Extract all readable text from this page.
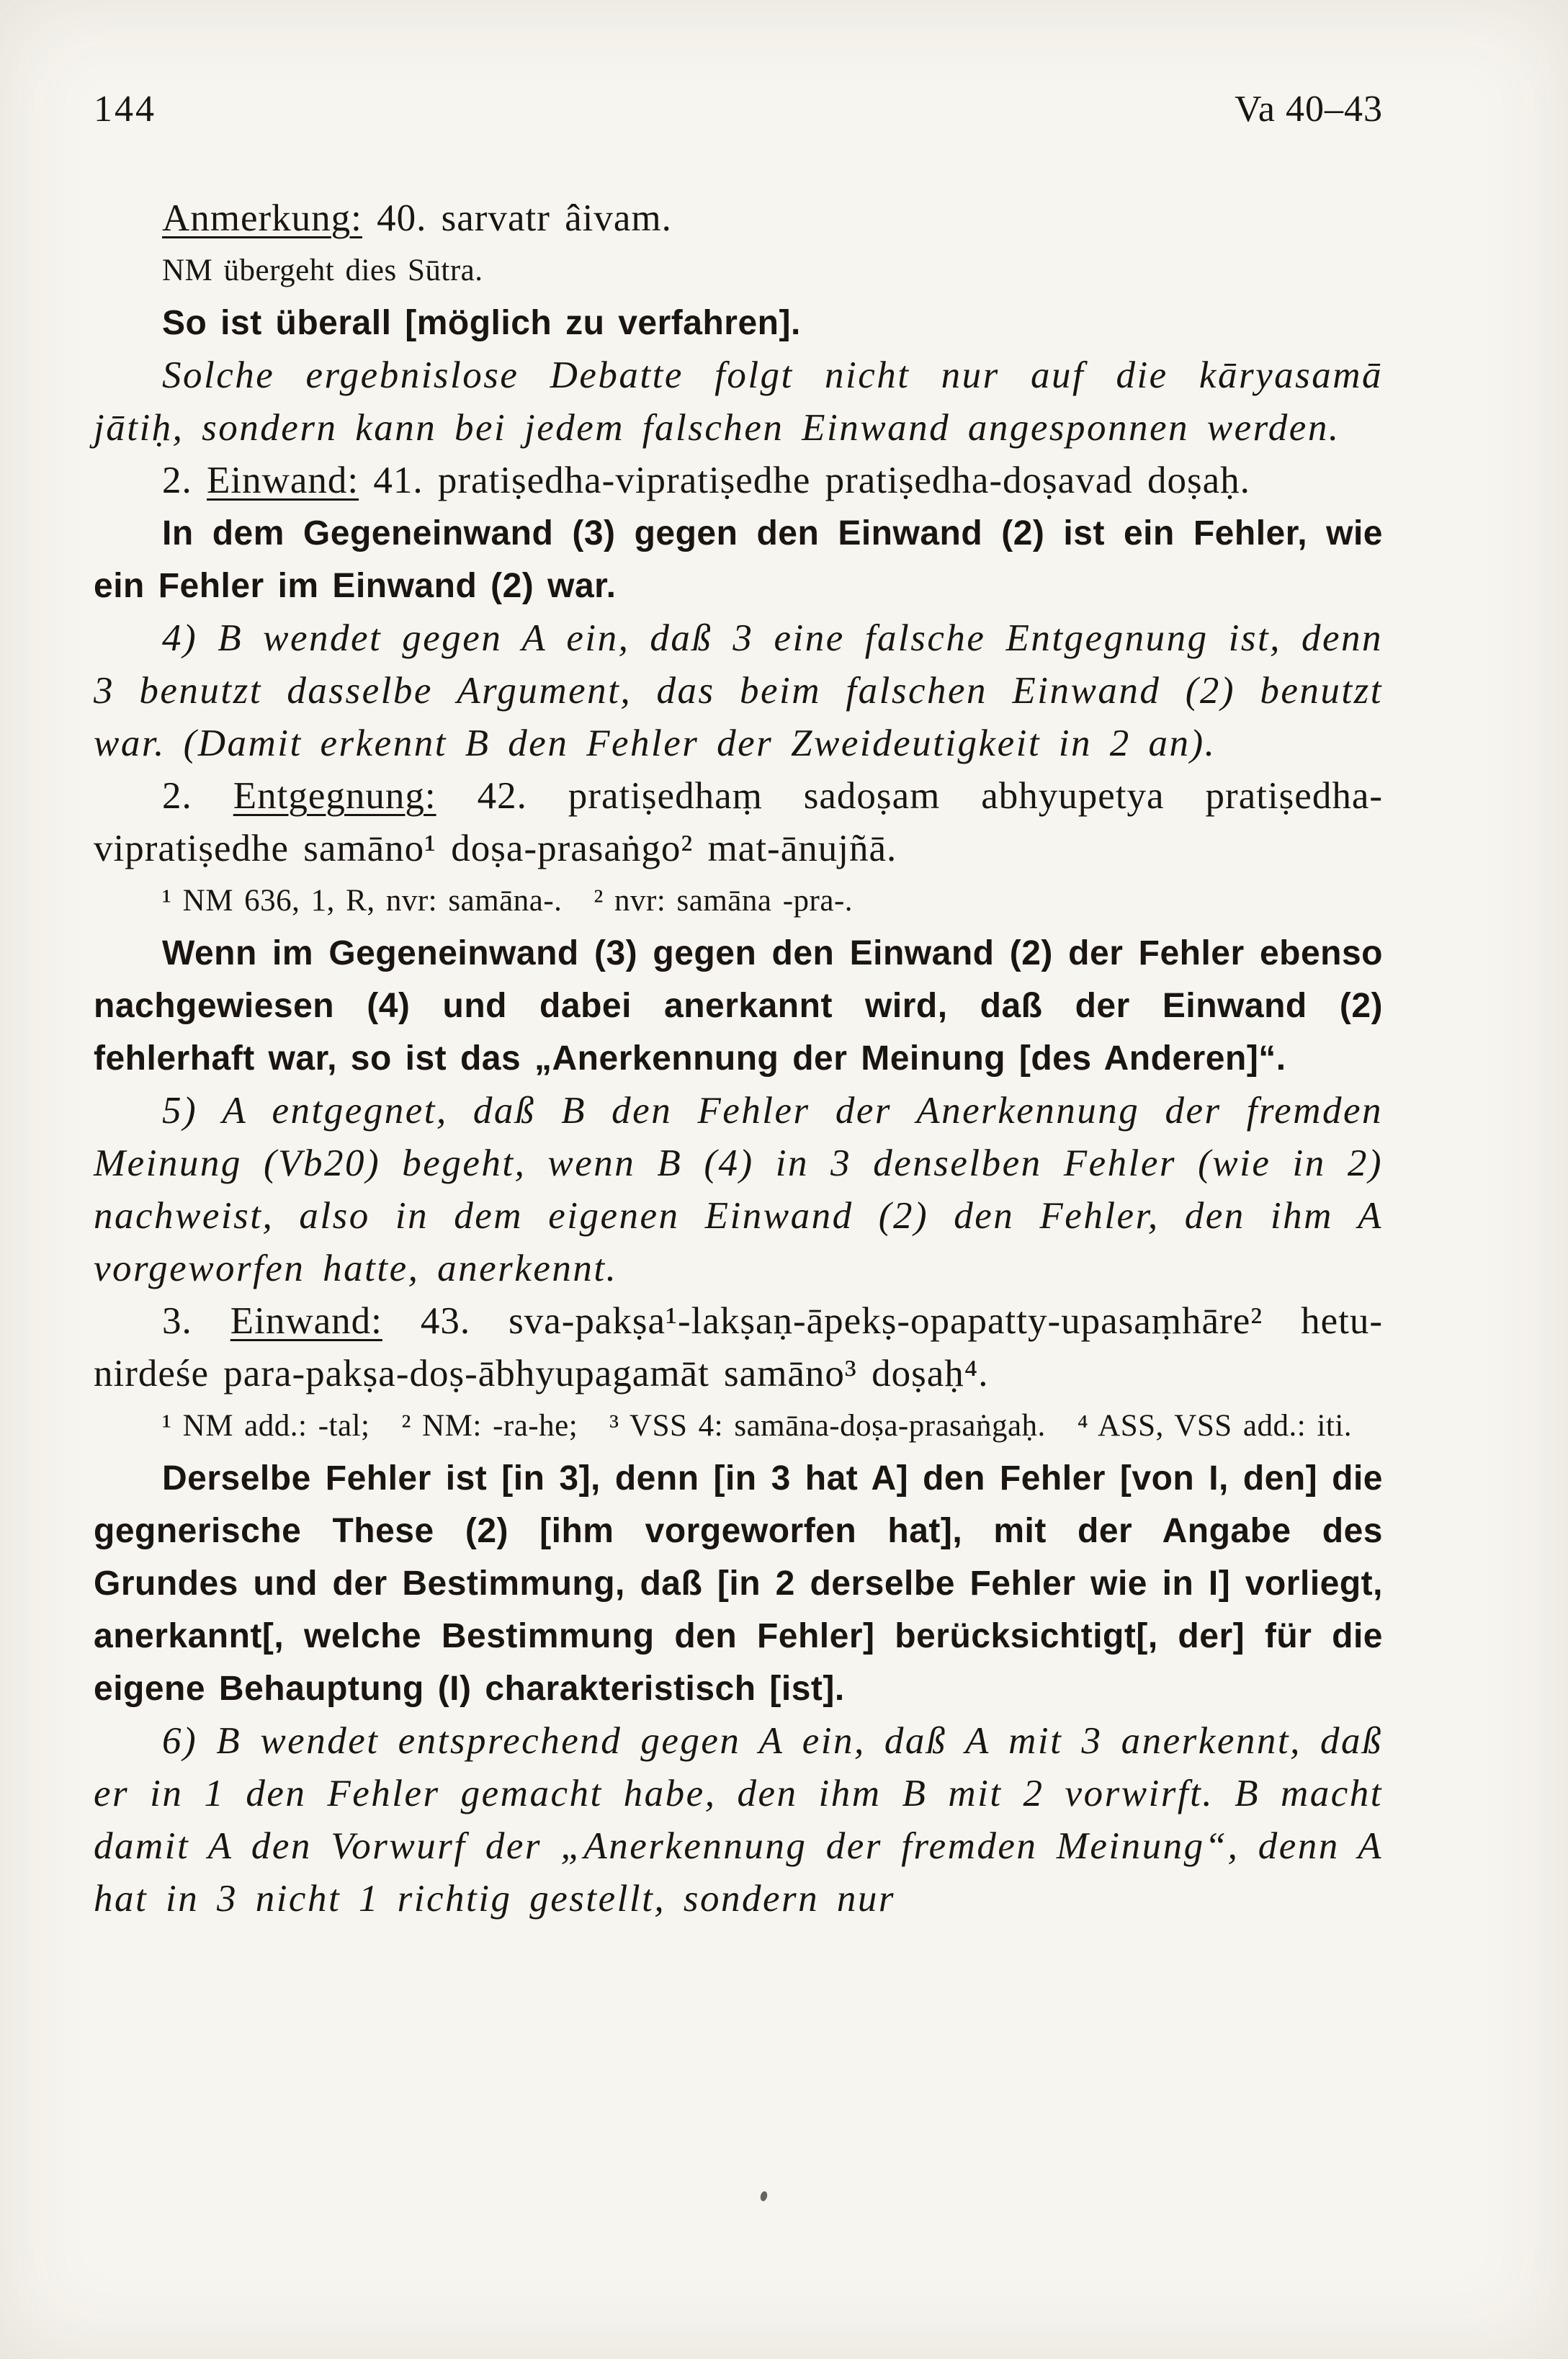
144	Va 40–43

Anmerkung: 40. sarvatr âivam.

NM übergeht dies Sūtra.

So ist überall [möglich zu verfahren].

Solche ergebnislose Debatte folgt nicht nur auf die kāryasamā jātiḥ, sondern kann bei jedem falschen Einwand angesponnen werden.

2. Einwand: 41. pratiṣedha-vipratiṣedhe pratiṣedha-doṣavad doṣaḥ.

In dem Gegeneinwand (3) gegen den Einwand (2) ist ein Fehler, wie ein Fehler im Einwand (2) war.

4) B wendet gegen A ein, daß 3 eine falsche Entgegnung ist, denn 3 benutzt dasselbe Argument, das beim falschen Einwand (2) benutzt war. (Damit erkennt B den Fehler der Zweideutigkeit in 2 an).

2. Entgegnung: 42. pratiṣedhaṃ sadoṣam abhyupetya pratiṣedha-vipratiṣedhe samāno¹ doṣa-prasaṅgo² mat-ānujñā.

¹ NM 636, 1, R, nvr: samāna-.  ² nvr: samāna -pra-.

Wenn im Gegeneinwand (3) gegen den Einwand (2) der Fehler ebenso nachgewiesen (4) und dabei anerkannt wird, daß der Einwand (2) fehlerhaft war, so ist das „Anerkennung der Meinung [des Anderen]“.

5) A entgegnet, daß B den Fehler der Anerkennung der fremden Meinung (Vb20) begeht, wenn B (4) in 3 denselben Fehler (wie in 2) nachweist, also in dem eigenen Einwand (2) den Fehler, den ihm A vorgeworfen hatte, anerkennt.

3. Einwand: 43. sva-pakṣa¹-lakṣaṇ-āpekṣ-opapatty-upasaṃhāre² hetu-nirdeśe para-pakṣa-doṣ-ābhyupagamāt samāno³ doṣaḥ⁴.

¹ NM add.: -tal;  ² NM: -ra-he;  ³ VSS 4: samāna-doṣa-prasaṅgaḥ.  ⁴ ASS, VSS add.: iti.

Derselbe Fehler ist [in 3], denn [in 3 hat A] den Fehler [von I, den] die gegnerische These (2) [ihm vorgeworfen hat], mit der Angabe des Grundes und der Bestimmung, daß [in 2 derselbe Fehler wie in I] vorliegt, anerkannt[, welche Bestimmung den Fehler] berücksichtigt[, der] für die eigene Behauptung (I) charakteristisch [ist].

6) B wendet entsprechend gegen A ein, daß A mit 3 anerkennt, daß er in 1 den Fehler gemacht habe, den ihm B mit 2 vorwirft. B macht damit A den Vorwurf der „Anerkennung der fremden Meinung“, denn A hat in 3 nicht 1 richtig gestellt, sondern nur
